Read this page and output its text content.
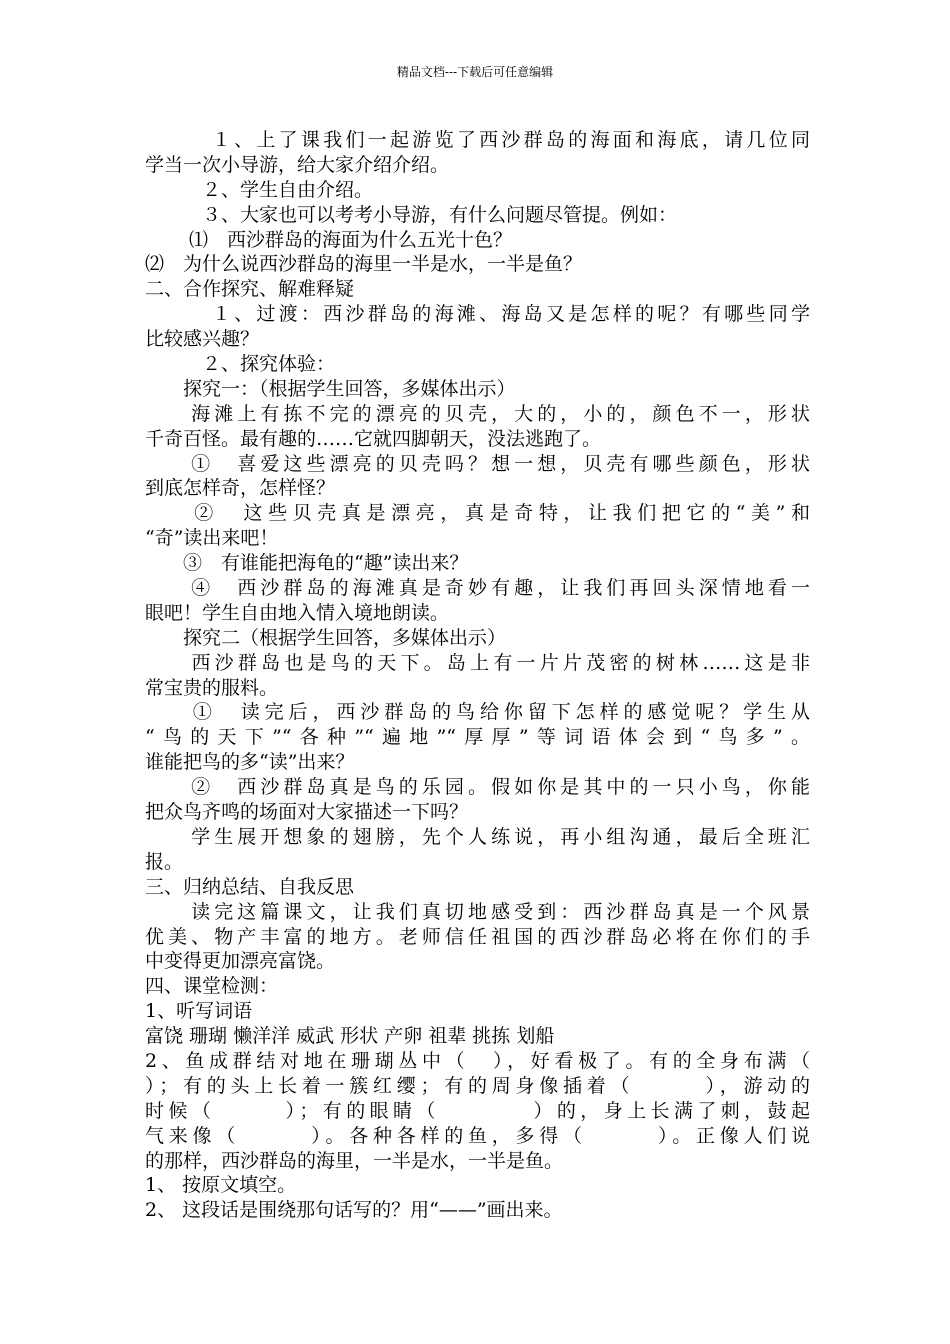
精品文档---下载后可任意编辑
　　　１、上了课我们一起游览了西沙群岛的海面和海底，请几位同
学当一次小导游，给大家介绍介绍。
　　　２、学生自由介绍。
　　　３、大家也可以考考小导游，有什么问题尽管提。例如：
　　 ⑴　西沙群岛的海面为什么五光十色？
⑵　为什么说西沙群岛的海里一半是水，一半是鱼？
二、合作探究、解难释疑
　　　１、过渡：西沙群岛的海滩、海岛又是怎样的呢？有哪些同学
比较感兴趣？
　　　２、探究体验：
　　探究一：（根据学生回答，多媒体出示）
　　海滩上有拣不完的漂亮的贝壳，大的，小的，颜色不一，形状
千奇百怪。最有趣的……它就四脚朝天，没法逃跑了。
　　①　喜爱这些漂亮的贝壳吗？想一想，贝壳有哪些颜色，形状
到底怎样奇，怎样怪？
　　②　这些贝壳真是漂亮，真是奇特，让我们把它的“美”和
“奇”读出来吧！
　　③　有谁能把海龟的“趣”读出来？
　　④　西沙群岛的海滩真是奇妙有趣，让我们再回头深情地看一
眼吧！学生自由地入情入境地朗读。
　　探究二（根据学生回答，多媒体出示）
　　西沙群岛也是鸟的天下。岛上有一片片茂密的树林……这是非
常宝贵的服料。
　　①　读完后，西沙群岛的鸟给你留下怎样的感觉呢？学生从
“鸟的天下”“各种”“遍地”“厚厚”等词语体会到“鸟多”。
谁能把鸟的多“读”出来？
　　②　西沙群岛真是鸟的乐园。假如你是其中的一只小鸟，你能
把众鸟齐鸣的场面对大家描述一下吗？
　　学生展开想象的翅膀，先个人练说，再小组沟通，最后全班汇
报。
三、归纳总结、自我反思
　　读完这篇课文，让我们真切地感受到：西沙群岛真是一个风景
优美、物产丰富的地方。老师信任祖国的西沙群岛必将在你们的手
中变得更加漂亮富饶。
四、课堂检测：
1、听写词语
富饶 珊瑚 懒洋洋 威武 形状 产卵 祖辈 挑拣 划船
2、鱼成群结对地在珊瑚丛中（　），好看极了。有的全身布满（
）；有的头上长着一簇红缨；有的周身像插着（　　　），游动的
时候（　　　）；有的眼睛（　　　　）的，身上长满了刺，鼓起
气来像（　　　）。各种各样的鱼，多得（　　　）。正像人们说
的那样，西沙群岛的海里，一半是水，一半是鱼。
1、 按原文填空。
2、 这段话是围绕那句话写的？用“——”画出来。
